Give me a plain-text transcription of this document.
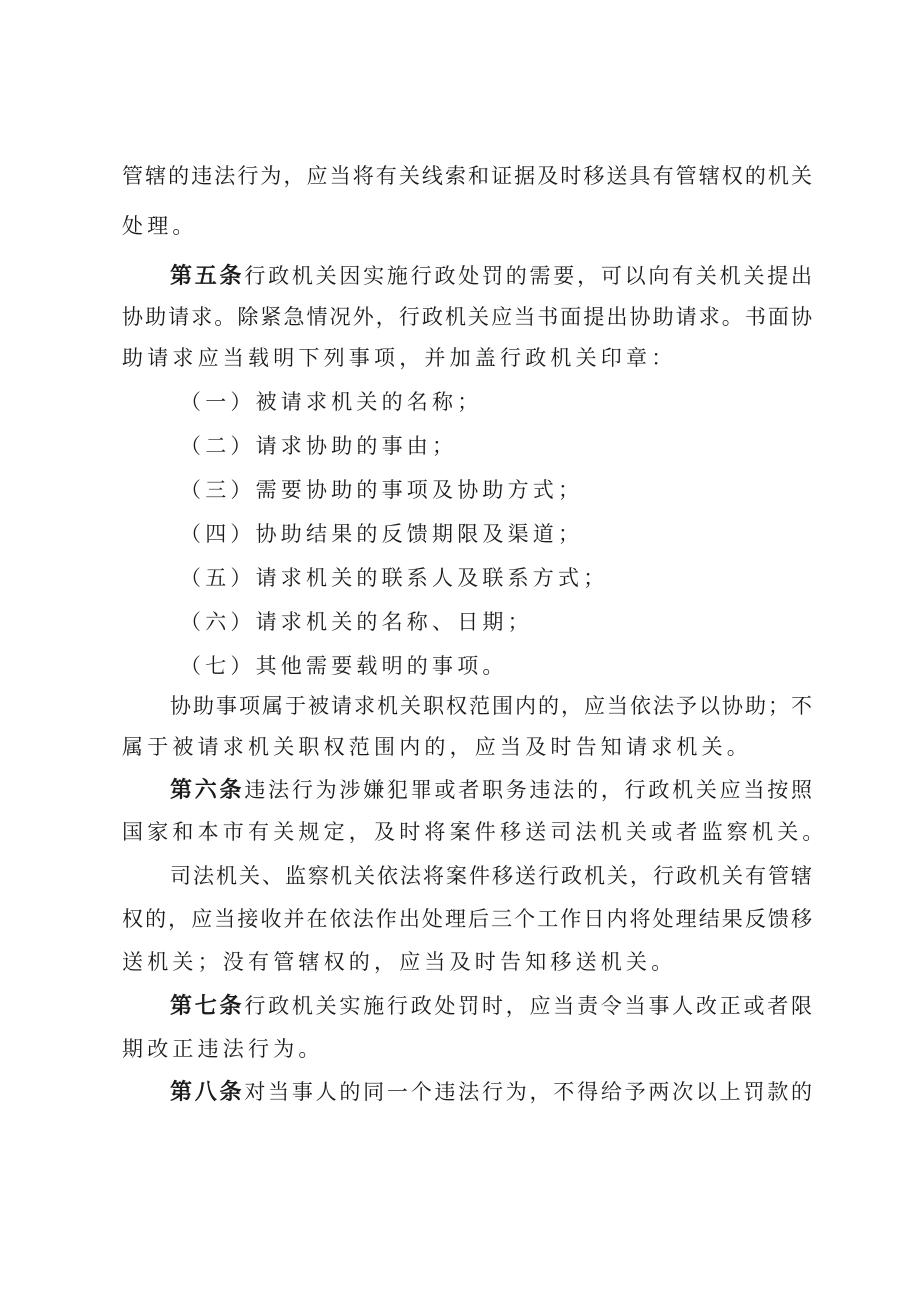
管辖的违法行为，应当将有关线索和证据及时移送具有管辖权的机关
处理。
第五条行政机关因实施行政处罚的需要，可以向有关机关提出
协助请求。除紧急情况外，行政机关应当书面提出协助请求。书面协
助请求应当载明下列事项，并加盖行政机关印章：
（一）被请求机关的名称；
（二）请求协助的事由；
（三）需要协助的事项及协助方式；
（四）协助结果的反馈期限及渠道；
（五）请求机关的联系人及联系方式；
（六）请求机关的名称、日期；
（七）其他需要载明的事项。
协助事项属于被请求机关职权范围内的，应当依法予以协助；不
属于被请求机关职权范围内的，应当及时告知请求机关。
第六条违法行为涉嫌犯罪或者职务违法的，行政机关应当按照
国家和本市有关规定，及时将案件移送司法机关或者监察机关。
司法机关、监察机关依法将案件移送行政机关，行政机关有管辖
权的，应当接收并在依法作出处理后三个工作日内将处理结果反馈移
送机关；没有管辖权的，应当及时告知移送机关。
第七条行政机关实施行政处罚时，应当责令当事人改正或者限
期改正违法行为。
第八条对当事人的同一个违法行为，不得给予两次以上罚款的
